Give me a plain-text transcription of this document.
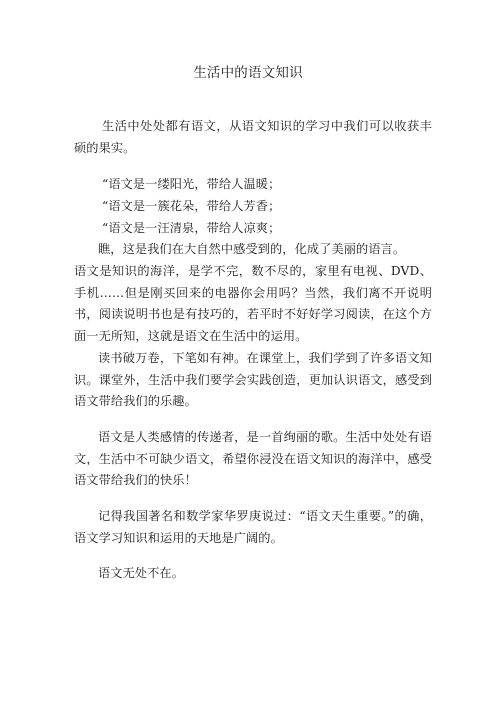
生活中的语文知识
生活中处处都有语文，从语文知识的学习中我们可以收获丰硕的果实。
“语文是一缕阳光，带给人温暖；
“语文是一簇花朵，带给人芳香；
“语文是一汪清泉，带给人凉爽；
瞧，这是我们在大自然中感受到的，化成了美丽的语言。
语文是知识的海洋，是学不完，数不尽的，家里有电视、DVD、手机……但是刚买回来的电器你会用吗？当然，我们离不开说明书，阅读说明书也是有技巧的，若平时不好好学习阅读，在这个方面一无所知，这就是语文在生活中的运用。
读书破万卷，下笔如有神。在课堂上，我们学到了许多语文知识。课堂外，生活中我们要学会实践创造，更加认识语文，感受到语文带给我们的乐趣。
语文是人类感情的传递者，是一首绚丽的歌。生活中处处有语文，生活中不可缺少语文，希望你浸没在语文知识的海洋中，感受语文带给我们的快乐！
记得我国著名和数学家华罗庚说过：“语文天生重要。”的确，语文学习知识和运用的天地是广阔的。
语文无处不在。
